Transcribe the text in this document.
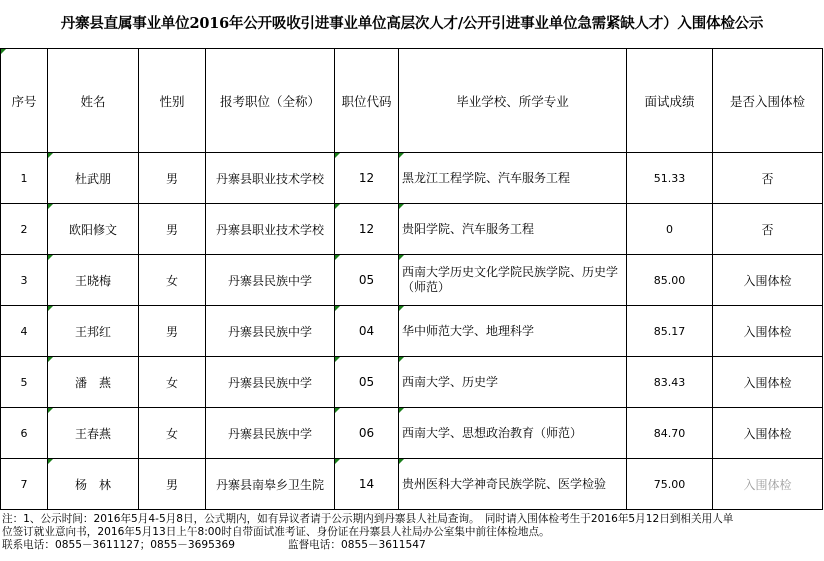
丹寨县直属事业单位2016年公开吸收引进事业单位高层次人才/公开引进事业单位急需紧缺人才）入围体检公示
序号	姓名	性别	报考职位（全称）	职位代码	毕业学校、所学专业	面试成绩	是否入围体检
1	杜武朋	男	丹寨县职业技术学校	12	黑龙江工程学院、汽车服务工程	51.33	否
2	欧阳修文	男	丹寨县职业技术学校	12	贵阳学院、汽车服务工程	0	否
3	王晓梅	女	丹寨县民族中学	05	西南大学历史文化学院民族学院、历史学（师范）	85.00	入围体检
4	王邦红	男	丹寨县民族中学	04	华中师范大学、地理科学	85.17	入围体检
5	潘　燕	女	丹寨县民族中学	05	西南大学、历史学	83.43	入围体检
6	王春燕	女	丹寨县民族中学	06	西南大学、思想政治教育（师范）	84.70	入围体检
7	杨　林	男	丹寨县南皋乡卫生院	14	贵州医科大学神奇民族学院、医学检验	75.00	入围体检
注：1、公示时间：2016年5月4-5月8日，公式期内，如有异议者请于公示期内到丹寨县人社局查询。　同时请入围体检考生于2016年5月12日到相关用人单
位签订就业意向书，2016年5月13日上午8:00时自带面试准考证、身份证在丹寨县人社局办公室集中前往体检地点。
联系电话：0855－3611127；0855－3695369　　　　　监督电话：0855－3611547
